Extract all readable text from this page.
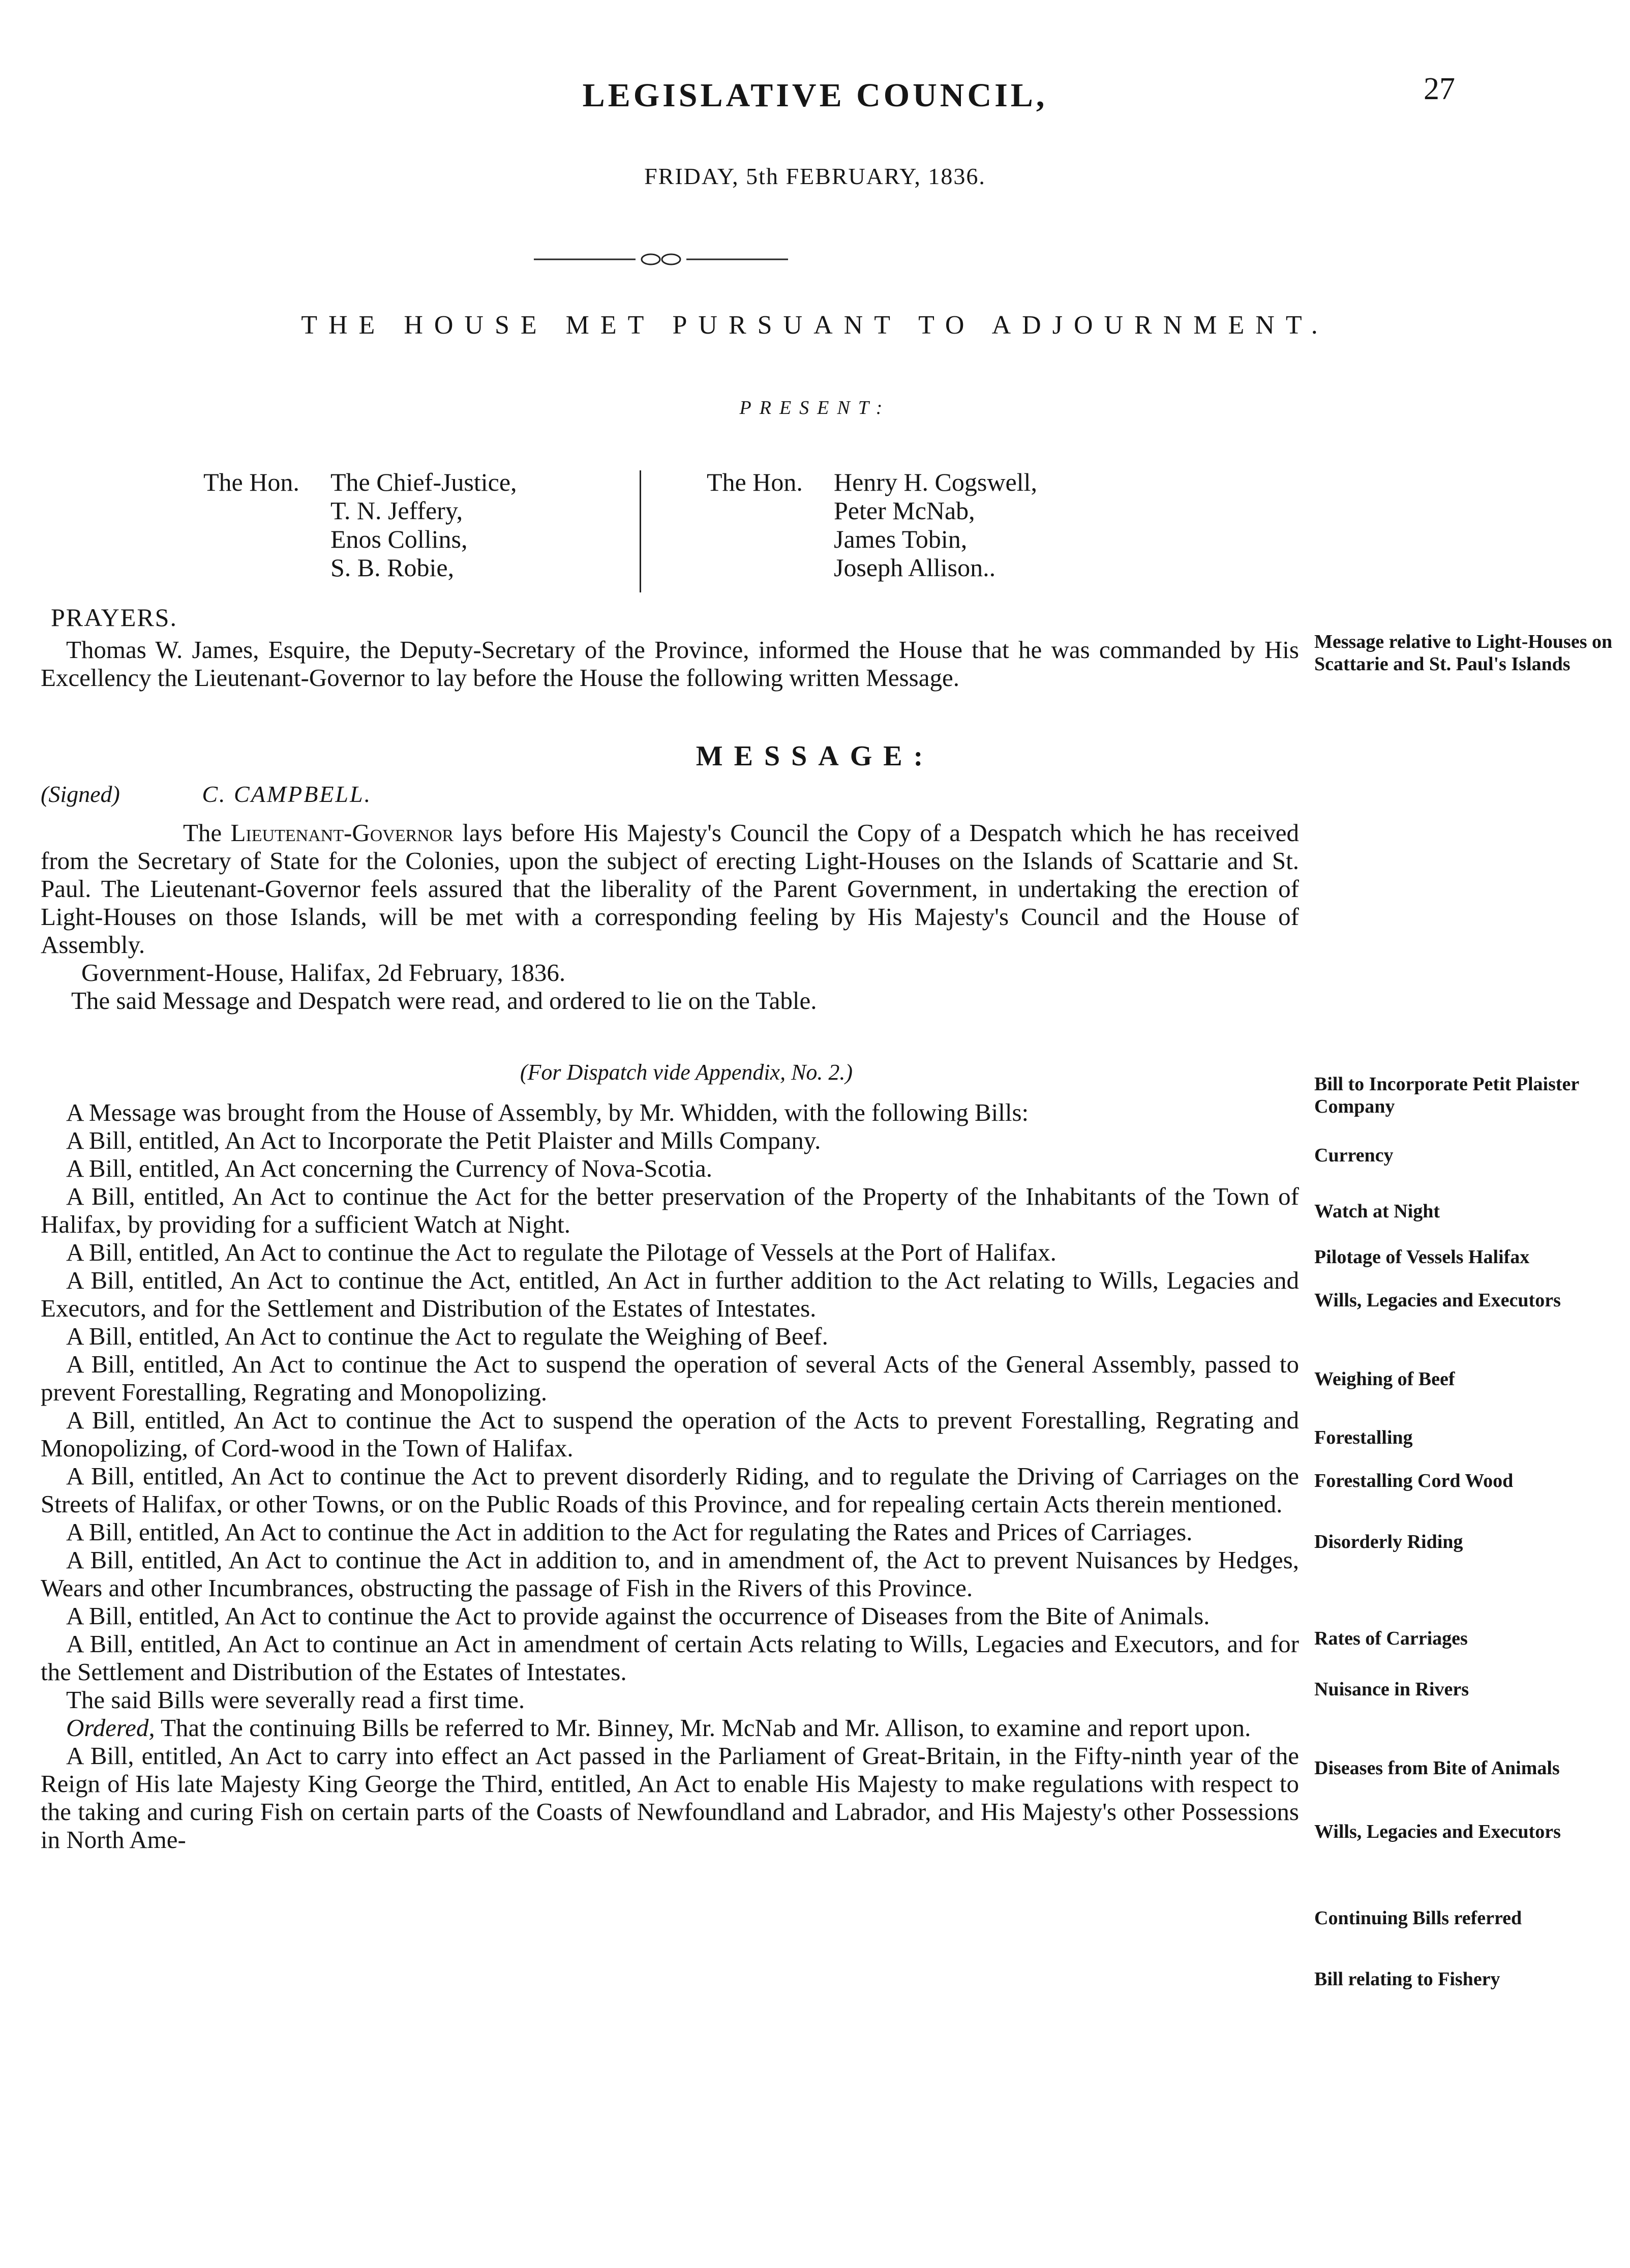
LEGISLATIVE COUNCIL,	27
FRIDAY, 5th FEBRUARY, 1836.
THE HOUSE MET PURSUANT TO ADJOURNMENT.
PRESENT:
The Hon. The Chief-Justice,
T. N. Jeffery,
Enos Collins,
S. B. Robie,
The Hon. Henry H. Cogswell,
Peter McNab,
James Tobin,
Joseph Allison..
PRAYERS.

Thomas W. James, Esquire, the Deputy-Secretary of the Province, informed the House that he was commanded by His Excellency the Lieutenant-Governor to lay before the House the following written Message.

MESSAGE:
(Signed)	C. CAMPBELL.

The Lieutenant-Governor lays before His Majesty's Council the Copy of a Despatch which he has received from the Secretary of State for the Colonies, upon the subject of erecting Light-Houses on the Islands of Scattarie and St. Paul. The Lieutenant-Governor feels assured that the liberality of the Parent Government, in undertaking the erection of Light-Houses on those Islands, will be met with a corresponding feeling by His Majesty's Council and the House of Assembly.

Government-House, Halifax, 2d February, 1836.

The said Message and Despatch were read, and ordered to lie on the Table.

(For Dispatch vide Appendix, No. 2.)

A Message was brought from the House of Assembly, by Mr. Whidden, with the following Bills:

A Bill, entitled, An Act to Incorporate the Petit Plaister and Mills Company.

A Bill, entitled, An Act concerning the Currency of Nova-Scotia.

A Bill, entitled, An Act to continue the Act for the better preservation of the Property of the Inhabitants of the Town of Halifax, by providing for a sufficient Watch at Night.

A Bill, entitled, An Act to continue the Act to regulate the Pilotage of Vessels at the Port of Halifax.

A Bill, entitled, An Act to continue the Act, entitled, An Act in further addition to the Act relating to Wills, Legacies and Executors, and for the Settlement and Distribution of the Estates of Intestates.

A Bill, entitled, An Act to continue the Act to regulate the Weighing of Beef.

A Bill, entitled, An Act to continue the Act to suspend the operation of several Acts of the General Assembly, passed to prevent Forestalling, Regrating and Monopolizing.

A Bill, entitled, An Act to continue the Act to suspend the operation of the Acts to prevent Forestalling, Regrating and Monopolizing, of Cord-wood in the Town of Halifax.

A Bill, entitled, An Act to continue the Act to prevent disorderly Riding, and to regulate the Driving of Carriages on the Streets of Halifax, or other Towns, or on the Public Roads of this Province, and for repealing certain Acts therein mentioned.

A Bill, entitled, An Act to continue the Act in addition to the Act for regulating the Rates and Prices of Carriages.

A Bill, entitled, An Act to continue the Act in addition to, and in amendment of, the Act to prevent Nuisances by Hedges, Wears and other Incumbrances, obstructing the passage of Fish in the Rivers of this Province.

A Bill, entitled, An Act to continue the Act to provide against the occurrence of Diseases from the Bite of Animals.

A Bill, entitled, An Act to continue an Act in amendment of certain Acts relating to Wills, Legacies and Executors, and for the Settlement and Distribution of the Estates of Intestates.

The said Bills were severally read a first time.

Ordered, That the continuing Bills be referred to Mr. Binney, Mr. McNab and Mr. Allison, to examine and report upon.

A Bill, entitled, An Act to carry into effect an Act passed in the Parliament of Great-Britain, in the Fifty-ninth year of the Reign of His late Majesty King George the Third, entitled, An Act to enable His Majesty to make regulations with respect to the taking and curing Fish on certain parts of the Coasts of Newfoundland and Labrador, and His Majesty's other Possessions in North Ame-

Message relative to Light-Houses on Scattarie and St. Paul's Islands
Bill to Incorporate Petit Plaister Company
Currency
Watch at Night
Pilotage of Vessels Halifax
Wills, Legacies and Executors
Weighing of Beef
Forestalling
Forestalling Cord Wood
Disorderly Riding
Rates of Carriages
Nuisance in Rivers
Diseases from Bite of Animals
Wills, Legacies and Executors
Continuing Bills referred
Bill relating to Fishery
